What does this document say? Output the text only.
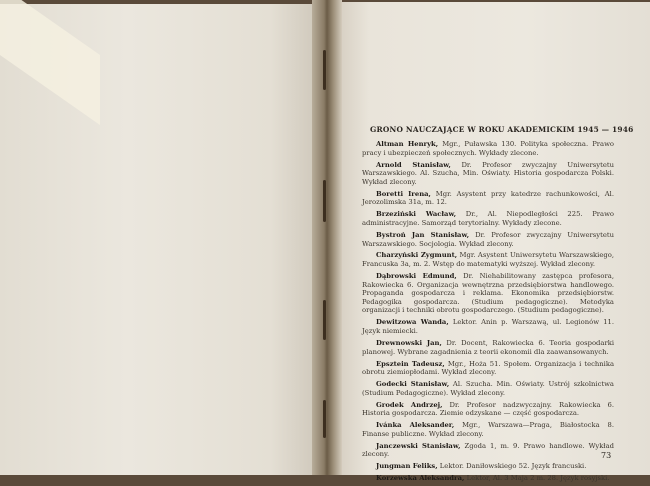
GRONO NAUCZAJĄCE W ROKU AKADEMICKIM 1945 — 1946

Altman Henryk, Mgr., Puławska 130. Polityka społeczna. Prawo pracy i ubezpieczeń społecznych. Wykłady zlecone.

Arnold Stanisław, Dr. Profesor zwyczajny Uniwersytetu Warszawskiego. Al. Szucha, Min. Oświaty. Historia gospodarcza Polski. Wykład zlecony.

Boretti Irena, Mgr. Asystent przy katedrze rachunkowości, Al. Jerozolimska 31a, m. 12.

Brzeziński Wacław, Dr., Al. Niepodległości 225. Prawo administracyjne. Samorząd terytorialny. Wykłady zlecone.

Bystroń Jan Stanisław, Dr. Profesor zwyczajny Uniwersytetu Warszawskiego. Socjologia. Wykład zlecony.

Charzyński Zygmunt, Mgr. Asystent Uniwersytetu Warszawskiego, Francuska 3a, m. 2. Wstęp do matematyki wyższej. Wykład zlecony.

Dąbrowski Edmund, Dr. Niehabilitowany zastępca profesora, Rakowiecka 6. Organizacja wewnętrzna przedsiębiorstwa handlowego. Propaganda gospodarcza i reklama. Ekonomika przedsiębiorstw. Pedagogika gospodarcza. (Studium pedagogiczne). Metodyka organizacji i techniki obrotu gospodarczego. (Studium pedagogiczne).

Dewitzowa Wanda, Lektor. Anin p. Warszawą, ul. Legionów 11. Język niemiecki.

Drewnowski Jan, Dr. Docent, Rakowiecka 6. Teoria gospodarki planowej. Wybrane zagadnienia z teorii ekonomii dla zaawansowanych.

Epsztein Tadeusz, Mgr., Hoża 51. Społem. Organizacja i technika obrotu ziemiopłodami. Wykład zlecony.

Godecki Stanisław, Al. Szucha. Min. Oświaty. Ustrój szkolnictwa (Studium Pedagogiczne). Wykład zlecony.

Grodek Andrzej, Dr. Profesor nadzwyczajny. Rakowiecka 6. Historia gospodarcza. Ziemie odzyskane — część gospodarcza.

Ivánka Aleksander, Mgr., Warszawa—Praga, Białostocka 8. Finanse publiczne. Wykład zlecony.

Janczewski Stanisław, Zgoda 1, m. 9. Prawo handlowe. Wykład zlecony.

Jungman Feliks, Lektor. Daniłowskiego 52. Język francuski.

Korzewska Aleksandra, Lektor, Al. 3 Maja 2 m. 28. Język rosyjski.

73
